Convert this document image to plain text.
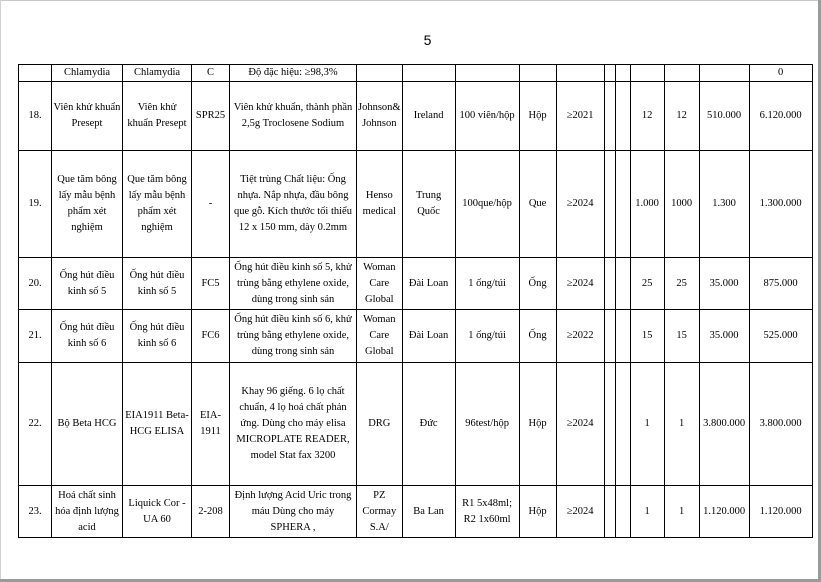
5
	Chlamydia	Chlamydia	C	Độ đặc hiệu: ≥98,3%											0
18.	Viên khử khuẩn Presept	Viên khử khuẩn Presept	SPR25	Viên khử khuẩn, thành phần 2,5g Troclosene Sodium	Johnson& Johnson	Ireland	100 viên/hộp	Hộp	≥2021			12	12	510.000	6.120.000
19.	Que tăm bông lấy mẫu bệnh phẩm xét nghiệm	Que tăm bông lấy mẫu bệnh phẩm xét nghiệm	-	Tiệt trùng Chất liệu: Ống nhựa. Nắp nhựa, đầu bông que gỗ. Kích thước tối thiểu 12 x 150 mm, dày 0.2mm	Henso medical	Trung Quốc	100que/hộp	Que	≥2024			1.000	1000	1.300	1.300.000
20.	Ống hút điều kinh số 5	Ống hút điều kinh số 5	FC5	Ống hút điều kinh số 5, khử trùng bằng ethylene oxide, dùng trong sinh sản	Woman Care Global	Đài Loan	1 ống/túi	Ống	≥2024			25	25	35.000	875.000
21.	Ống hút điều kinh số 6	Ống hút điều kinh số 6	FC6	Ống hút điều kinh số 6, khử trùng bằng ethylene oxide, dùng trong sinh sản	Woman Care Global	Đài Loan	1 ống/túi	Ống	≥2022			15	15	35.000	525.000
22.	Bộ Beta HCG	EIA1911 Beta-HCG ELISA	EIA-1911	Khay 96 giếng. 6 lọ chất chuẩn, 4 lọ hoá chất phản ứng. Dùng cho máy elisa MICROPLATE READER, model Stat fax 3200	DRG	Đức	96test/hộp	Hộp	≥2024			1	1	3.800.000	3.800.000
23.	Hoá chất sinh hóa định lượng acid	Liquick Cor - UA 60	2-208	Định lượng Acid Uric trong máu Dùng cho máy SPHERA ,	PZ Cormay S.A/	Ba Lan	R1 5x48ml; R2 1x60ml	Hộp	≥2024			1	1	1.120.000	1.120.000
